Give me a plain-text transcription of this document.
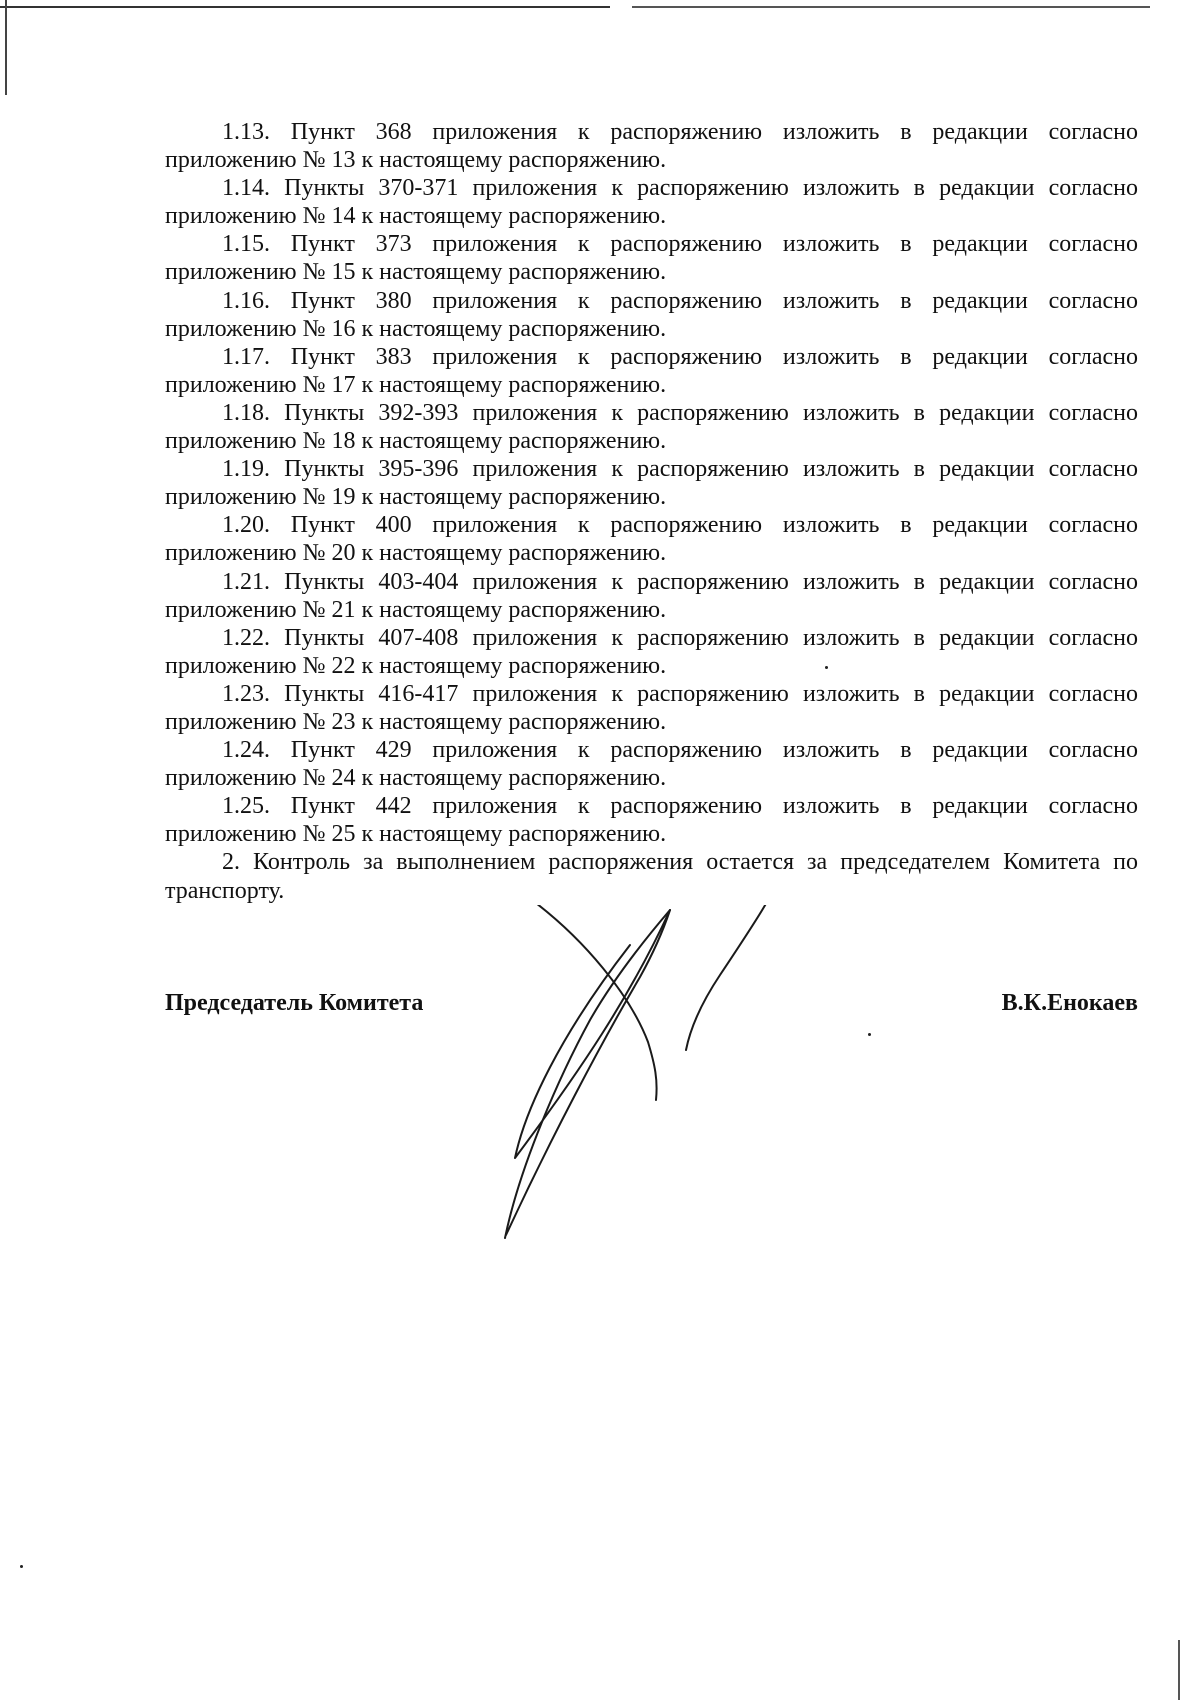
1.13. Пункт 368 приложения к распоряжению изложить в редакции согласно приложению № 13 к настоящему распоряжению.

1.14. Пункты 370-371 приложения к распоряжению изложить в редакции согласно приложению № 14 к настоящему распоряжению.

1.15. Пункт 373 приложения к распоряжению изложить в редакции согласно приложению № 15 к настоящему распоряжению.

1.16. Пункт 380 приложения к распоряжению изложить в редакции согласно приложению № 16 к настоящему распоряжению.

1.17. Пункт 383 приложения к распоряжению изложить в редакции согласно приложению № 17 к настоящему распоряжению.

1.18. Пункты 392-393 приложения к распоряжению изложить в редакции согласно приложению № 18 к настоящему распоряжению.

1.19. Пункты 395-396 приложения к распоряжению изложить в редакции согласно приложению № 19 к настоящему распоряжению.

1.20. Пункт 400 приложения к распоряжению изложить в редакции согласно приложению № 20 к настоящему распоряжению.

1.21. Пункты 403-404 приложения к распоряжению изложить в редакции согласно приложению № 21 к настоящему распоряжению.

1.22. Пункты 407-408 приложения к распоряжению изложить в редакции согласно приложению № 22 к настоящему распоряжению.

1.23. Пункты 416-417 приложения к распоряжению изложить в редакции согласно приложению № 23 к настоящему распоряжению.

1.24. Пункт 429 приложения к распоряжению изложить в редакции согласно приложению № 24 к настоящему распоряжению.

1.25. Пункт 442 приложения к распоряжению изложить в редакции согласно приложению № 25 к настоящему распоряжению.

2. Контроль за выполнением распоряжения остается за председателем Комитета по транспорту.

Председатель Комитета	В.К.Енокаев
